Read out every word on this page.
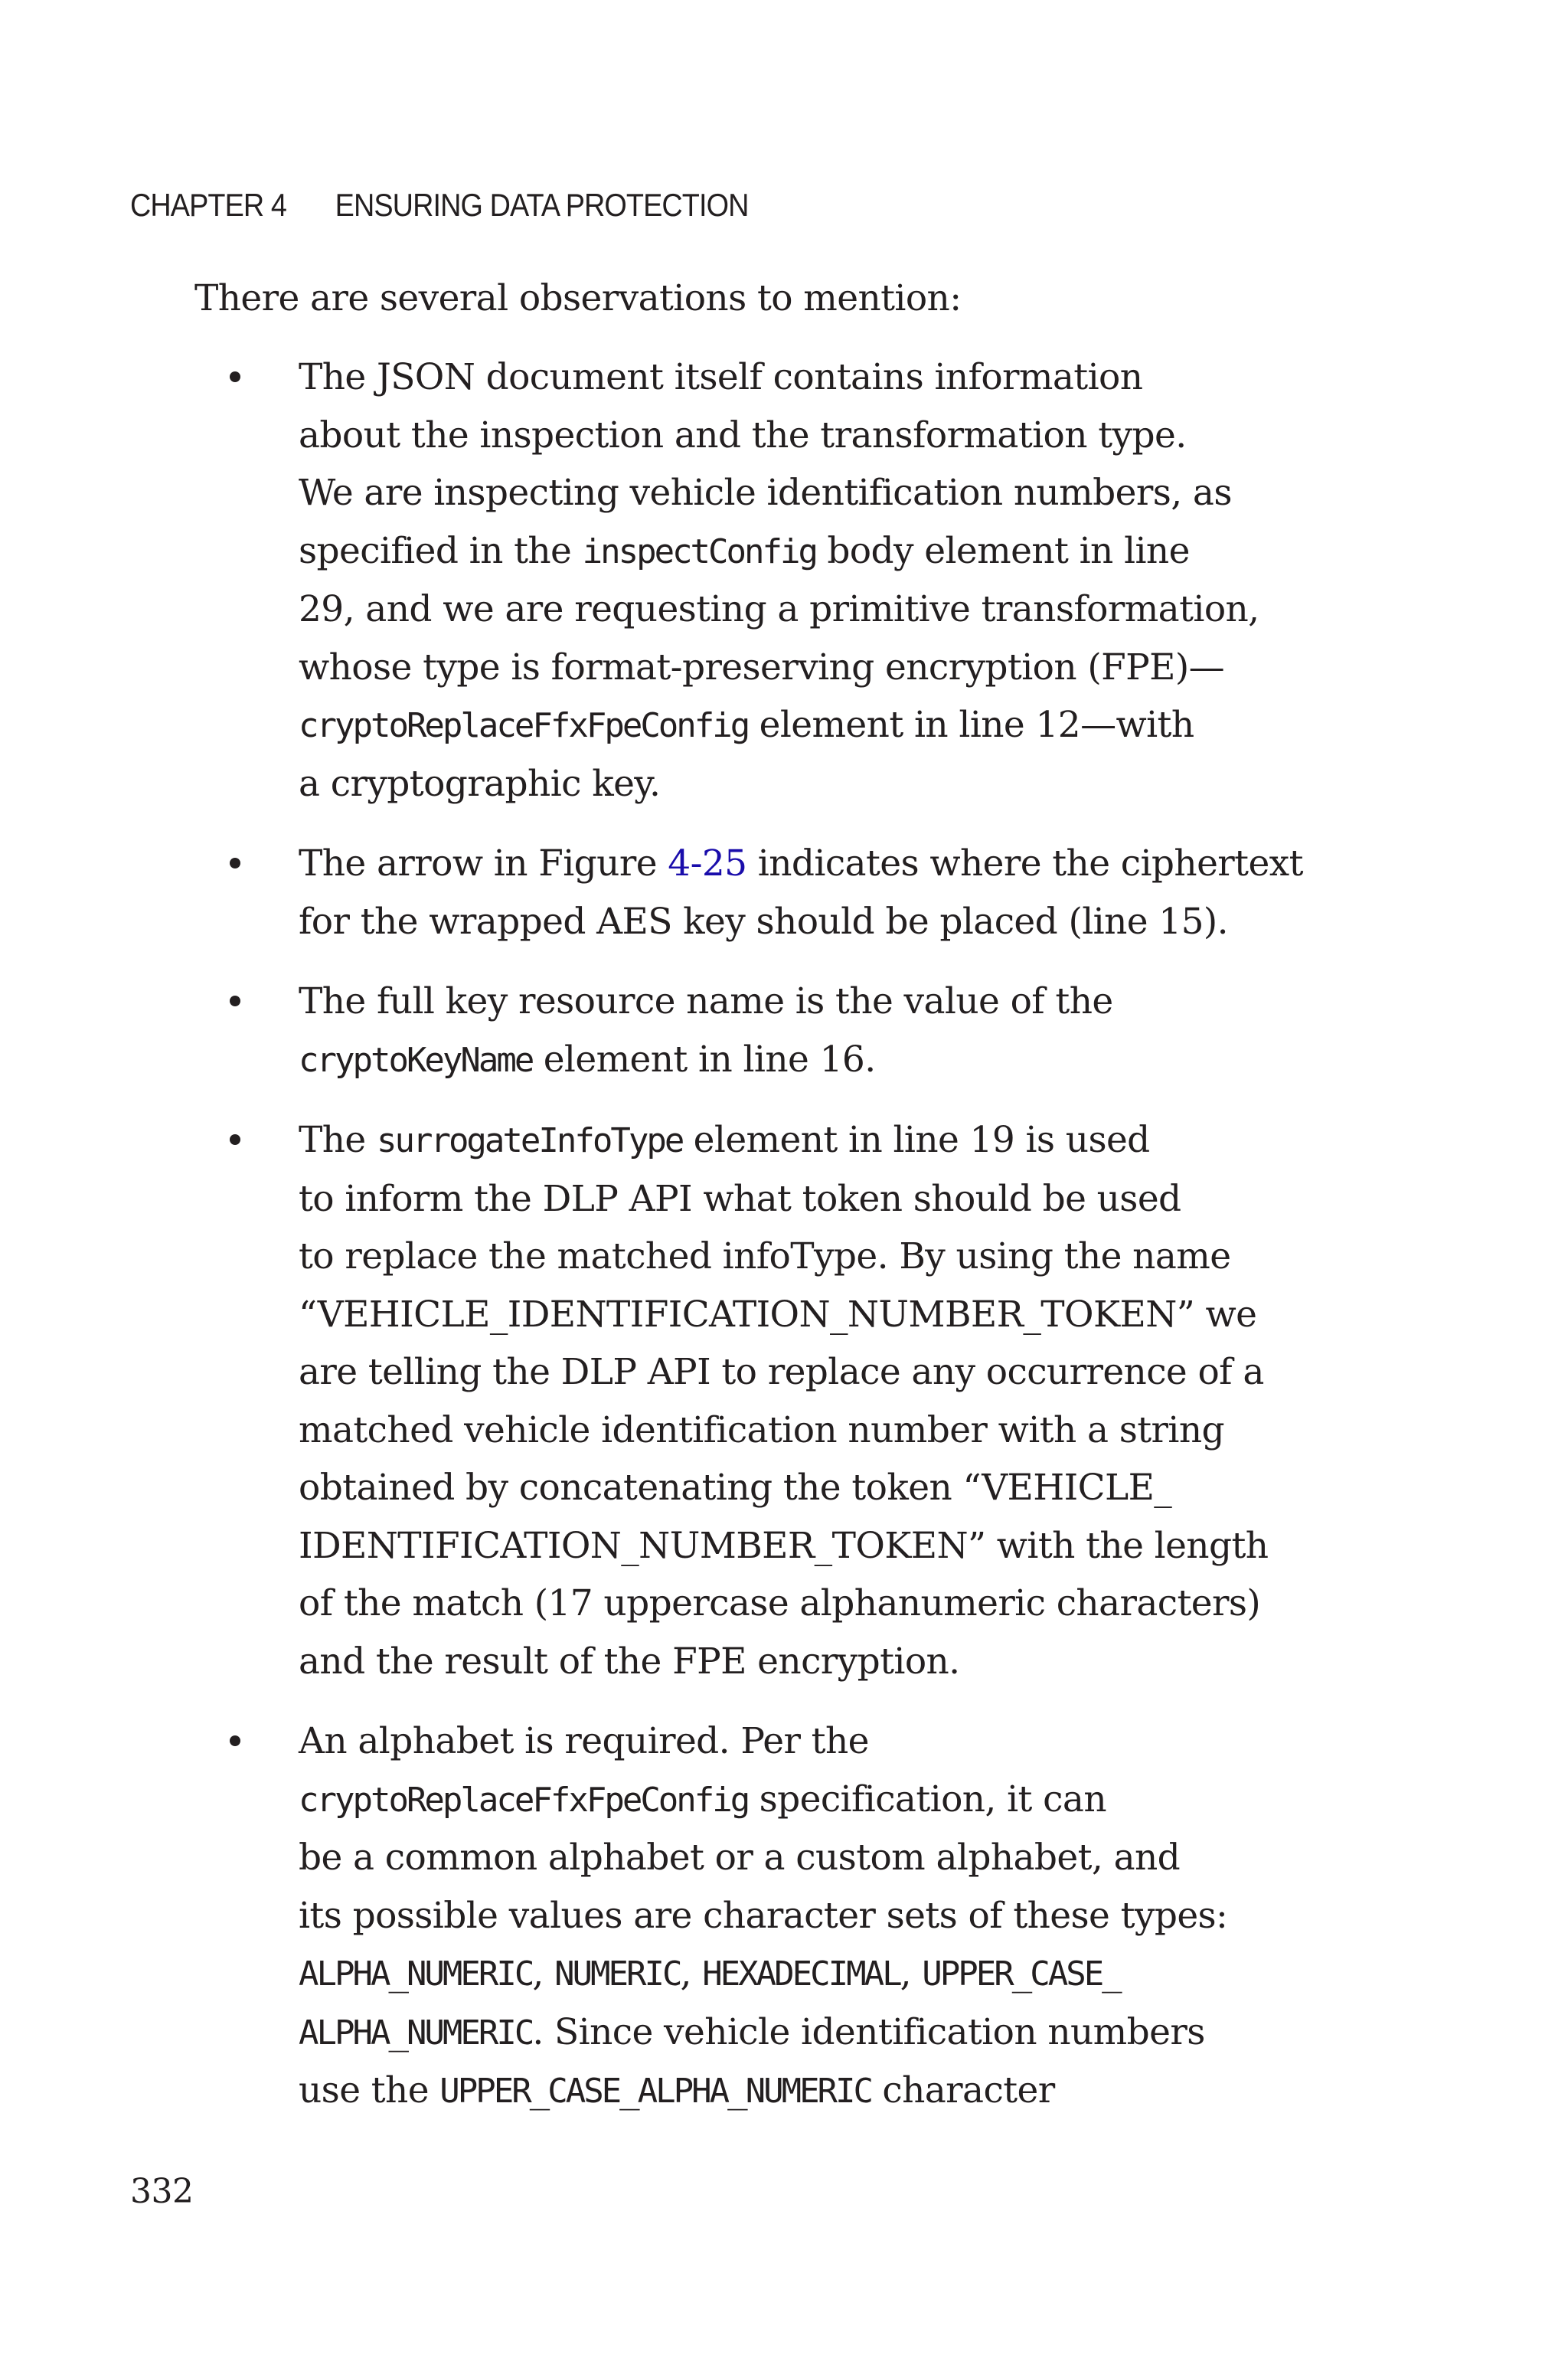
CHAPTER 4 ENSURING DATA PROTECTION
There are several observations to mention:
The JSON document itself contains information
about the inspection and the transformation type.
We are inspecting vehicle identification numbers, as
specified in the inspectConfig body element in line
29, and we are requesting a primitive transformation,
whose type is format-preserving encryption (FPE)—
cryptoReplaceFfxFpeConfig element in line 12—with
a cryptographic key.
The arrow in Figure 4-25 indicates where the ciphertext
for the wrapped AES key should be placed (line 15).
The full key resource name is the value of the
cryptoKeyName element in line 16.
The surrogateInfoType element in line 19 is used
to inform the DLP API what token should be used
to replace the matched infoType. By using the name
“VEHICLE_IDENTIFICATION_NUMBER_TOKEN” we
are telling the DLP API to replace any occurrence of a
matched vehicle identification number with a string
obtained by concatenating the token “VEHICLE_
IDENTIFICATION_NUMBER_TOKEN” with the length
of the match (17 uppercase alphanumeric characters)
and the result of the FPE encryption.
An alphabet is required. Per the
cryptoReplaceFfxFpeConfig specification, it can
be a common alphabet or a custom alphabet, and
its possible values are character sets of these types:
ALPHA_NUMERIC, NUMERIC, HEXADECIMAL, UPPER_CASE_
ALPHA_NUMERIC. Since vehicle identification numbers
use the UPPER_CASE_ALPHA_NUMERIC character
332
